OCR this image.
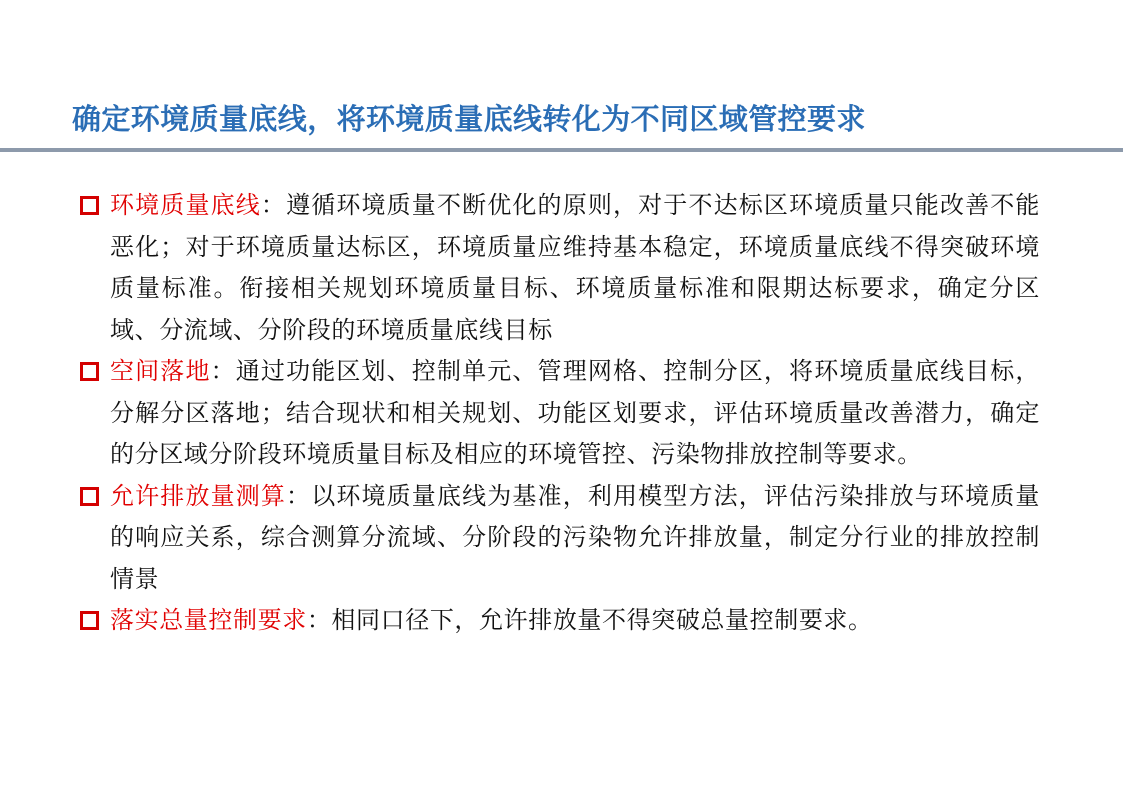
确定环境质量底线，将环境质量底线转化为不同区域管控要求
环境质量底线：遵循环境质量不断优化的原则，对于不达标区环境质量只能改善不能恶化；对于环境质量达标区，环境质量应维持基本稳定，环境质量底线不得突破环境质量标准。衔接相关规划环境质量目标、环境质量标准和限期达标要求，确定分区域、分流域、分阶段的环境质量底线目标
空间落地：通过功能区划、控制单元、管理网格、控制分区，将环境质量底线目标，分解分区落地；结合现状和相关规划、功能区划要求，评估环境质量改善潜力，确定的分区域分阶段环境质量目标及相应的环境管控、污染物排放控制等要求。
允许排放量测算：以环境质量底线为基准，利用模型方法，评估污染排放与环境质量的响应关系，综合测算分流域、分阶段的污染物允许排放量，制定分行业的排放控制情景
落实总量控制要求：相同口径下，允许排放量不得突破总量控制要求。
